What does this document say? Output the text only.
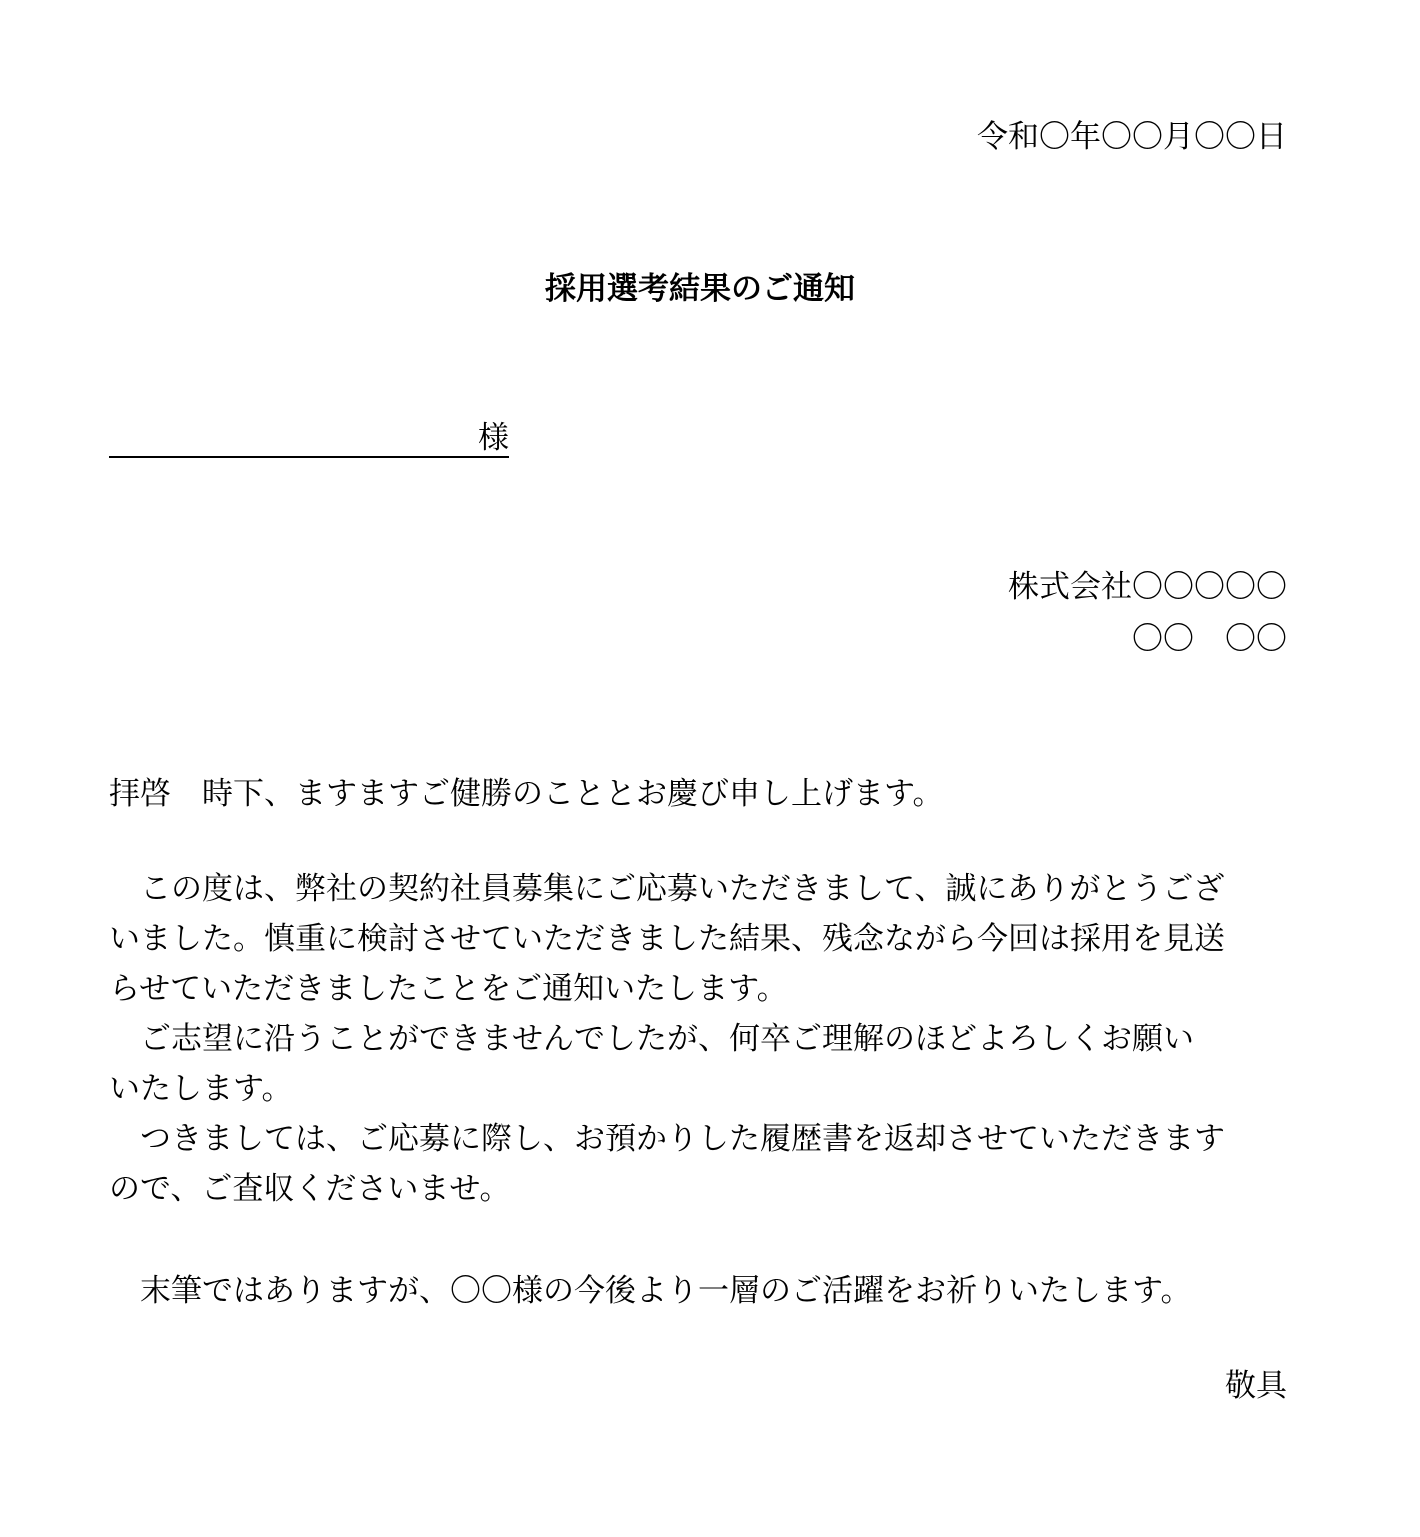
令和〇年〇〇月〇〇日
採用選考結果のご通知
様
株式会社〇〇〇〇〇
〇〇　〇〇
拝啓　時下、ますますご健勝のこととお慶び申し上げます。
　この度は、弊社の契約社員募集にご応募いただきまして、誠にありがとうござ
いました。慎重に検討させていただきました結果、残念ながら今回は採用を見送
らせていただきましたことをご通知いたします。
　ご志望に沿うことができませんでしたが、何卒ご理解のほどよろしくお願い
いたします。
　つきましては、ご応募に際し、お預かりした履歴書を返却させていただきます
ので、ご査収くださいませ。
　末筆ではありますが、〇〇様の今後より一層のご活躍をお祈りいたします。
敬具
